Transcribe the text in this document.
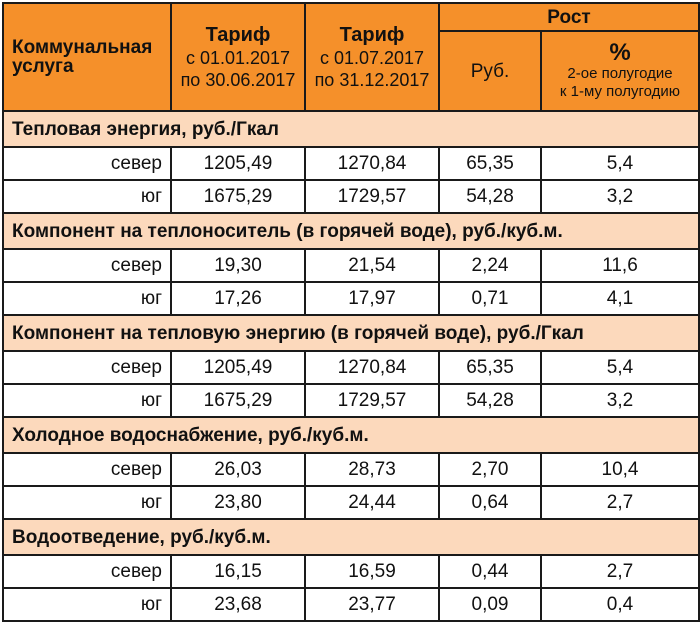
Коммунальная услуга	Тариф
с 01.01.2017
по 30.06.2017	Тариф
с 01.07.2017
по 31.12.2017	Рост	
			Руб.	%
2-ое полугодие
к 1-му полугодию

Тепловая энергия, руб./Гкал				
север	1205,49	1270,84	65,35	5,4
юг	1675,29	1729,57	54,28	3,2
Компонент на теплоноситель (в горячей воде), руб./куб.м.				
север	19,30	21,54	2,24	11,6
юг	17,26	17,97	0,71	4,1
Компонент на тепловую энергию (в горячей воде), руб./Гкал				
север	1205,49	1270,84	65,35	5,4
юг	1675,29	1729,57	54,28	3,2
Холодное водоснабжение, руб./куб.м.				
север	26,03	28,73	2,70	10,4
юг	23,80	24,44	0,64	2,7
Водоотведение, руб./куб.м.				
север	16,15	16,59	0,44	2,7
юг	23,68	23,77	0,09	0,4
